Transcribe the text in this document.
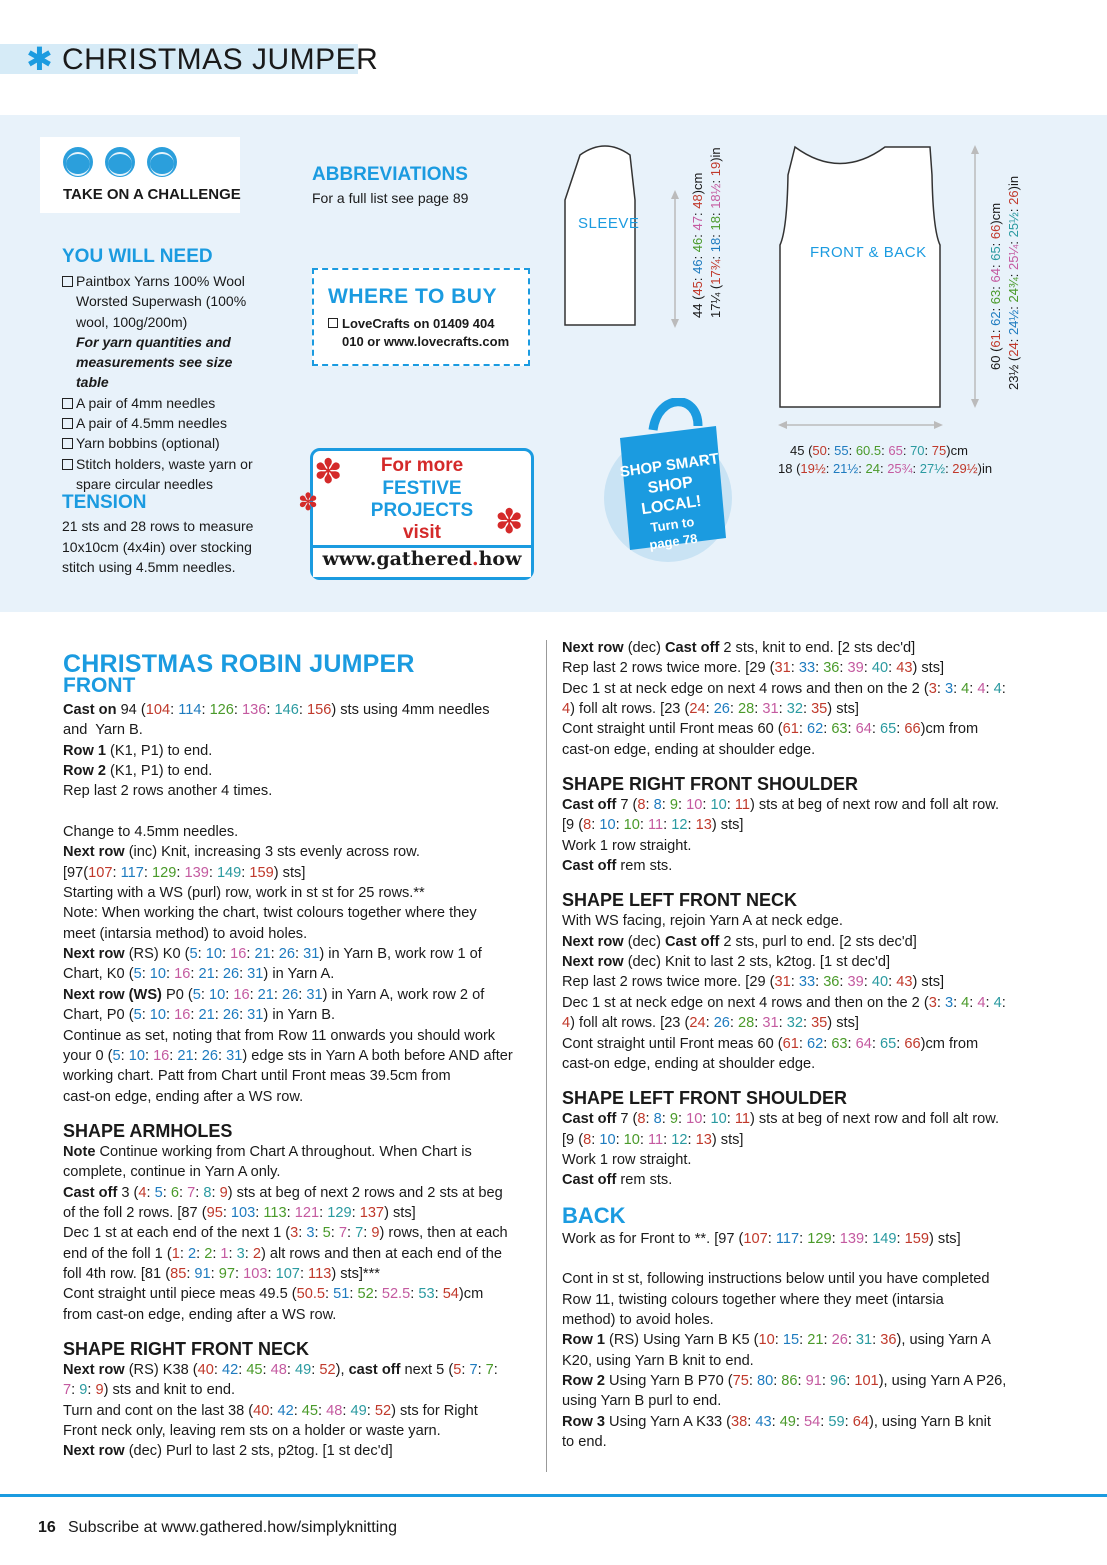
✱ CHRISTMAS JUMPER
TAKE ON A CHALLENGE
ABBREVIATIONS
For a full list see page 89
YOU WILL NEED
Paintbox Yarns 100% Wool
Worsted Superwash (100%
wool, 100g/200m)
For yarn quantities and
measurements see size table
A pair of 4mm needles
A pair of 4.5mm needles
Yarn bobbins (optional)
Stitch holders, waste yarn or
spare circular needles
TENSION
21 sts and 28 rows to measure
10x10cm (4x4in) over stocking
stitch using 4.5mm needles.
WHERE TO BUY
LoveCrafts on 01409 404
010 or www.lovecrafts.com
For more
FESTIVE
PROJECTS
visit
www.gathered.how
✽
✽	✽
SHOP SMART
SHOP
LOCAL!
Turn to
page 78
SLEEVE
FRONT & BACK
44 (45: 46: 46: 47: 48)cm
17¼ (17¾: 18: 18: 18½: 19)in
60 (61: 62: 63: 64: 65: 66)cm
23½ (24: 24½: 24¾: 25¼: 25½: 26)in
45 (50: 55: 60.5: 65: 70: 75)cm
18 (19½: 21½: 24: 25¾: 27½: 29½)in
CHRISTMAS ROBIN JUMPER
FRONT

Cast on 94 (104: 114: 126: 136: 146: 156) sts using 4mm needles

and  Yarn B.

Row 1 (K1, P1) to end.

Row 2 (K1, P1) to end.

Rep last 2 rows another 4 times.

Change to 4.5mm needles.

Next row (inc) Knit, increasing 3 sts evenly across row.

[97(107: 117: 129: 139: 149: 159) sts]

Starting with a WS (purl) row, work in st st for 25 rows.**

Note: When working the chart, twist colours together where they

meet (intarsia method) to avoid holes.

Next row (RS) K0 (5: 10: 16: 21: 26: 31) in Yarn B, work row 1 of

Chart, K0 (5: 10: 16: 21: 26: 31) in Yarn A.

Next row (WS) P0 (5: 10: 16: 21: 26: 31) in Yarn A, work row 2 of

Chart, P0 (5: 10: 16: 21: 26: 31) in Yarn B.

Continue as set, noting that from Row 11 onwards you should work

your 0 (5: 10: 16: 21: 26: 31) edge sts in Yarn A both before AND after

working chart. Patt from Chart until Front meas 39.5cm from

cast-on edge, ending after a WS row.

SHAPE ARMHOLES

Note Continue working from Chart A throughout. When Chart is

complete, continue in Yarn A only.

Cast off 3 (4: 5: 6: 7: 8: 9) sts at beg of next 2 rows and 2 sts at beg

of the foll 2 rows. [87 (95: 103: 113: 121: 129: 137) sts]

Dec 1 st at each end of the next 1 (3: 3: 5: 7: 7: 9) rows, then at each

end of the foll 1 (1: 2: 2: 1: 3: 2) alt rows and then at each end of the

foll 4th row. [81 (85: 91: 97: 103: 107: 113) sts]***

Cont straight until piece meas 49.5 (50.5: 51: 52: 52.5: 53: 54)cm

from cast-on edge, ending after a WS row.

SHAPE RIGHT FRONT NECK

Next row (RS) K38 (40: 42: 45: 48: 49: 52), cast off next 5 (5: 7: 7:

7: 9: 9) sts and knit to end.

Turn and cont on the last 38 (40: 42: 45: 48: 49: 52) sts for Right

Front neck only, leaving rem sts on a holder or waste yarn.

Next row (dec) Purl to last 2 sts, p2tog. [1 st dec'd]

Next row (dec) Cast off 2 sts, knit to end. [2 sts dec'd]

Rep last 2 rows twice more. [29 (31: 33: 36: 39: 40: 43) sts]

Dec 1 st at neck edge on next 4 rows and then on the 2 (3: 3: 4: 4: 4:

4) foll alt rows. [23 (24: 26: 28: 31: 32: 35) sts]

Cont straight until Front meas 60 (61: 62: 63: 64: 65: 66)cm from

cast-on edge, ending at shoulder edge.

SHAPE RIGHT FRONT SHOULDER

Cast off 7 (8: 8: 9: 10: 10: 11) sts at beg of next row and foll alt row.

[9 (8: 10: 10: 11: 12: 13) sts]

Work 1 row straight.

Cast off rem sts.

SHAPE LEFT FRONT NECK

With WS facing, rejoin Yarn A at neck edge.

Next row (dec) Cast off 2 sts, purl to end. [2 sts dec'd]

Next row (dec) Knit to last 2 sts, k2tog. [1 st dec'd]

Rep last 2 rows twice more. [29 (31: 33: 36: 39: 40: 43) sts]

Dec 1 st at neck edge on next 4 rows and then on the 2 (3: 3: 4: 4: 4:

4) foll alt rows. [23 (24: 26: 28: 31: 32: 35) sts]

Cont straight until Front meas 60 (61: 62: 63: 64: 65: 66)cm from

cast-on edge, ending at shoulder edge.

SHAPE LEFT FRONT SHOULDER

Cast off 7 (8: 8: 9: 10: 10: 11) sts at beg of next row and foll alt row.

[9 (8: 10: 10: 11: 12: 13) sts]

Work 1 row straight.

Cast off rem sts.

BACK

Work as for Front to **. [97 (107: 117: 129: 139: 149: 159) sts]

Cont in st st, following instructions below until you have completed

Row 11, twisting colours together where they meet (intarsia

method) to avoid holes.

Row 1 (RS) Using Yarn B K5 (10: 15: 21: 26: 31: 36), using Yarn A

K20, using Yarn B knit to end.

Row 2 Using Yarn B P70 (75: 80: 86: 91: 96: 101), using Yarn A P26,

using Yarn B purl to end.

Row 3 Using Yarn A K33 (38: 43: 49: 54: 59: 64), using Yarn B knit

to end.

16 Subscribe at www.gathered.how/simplyknitting
